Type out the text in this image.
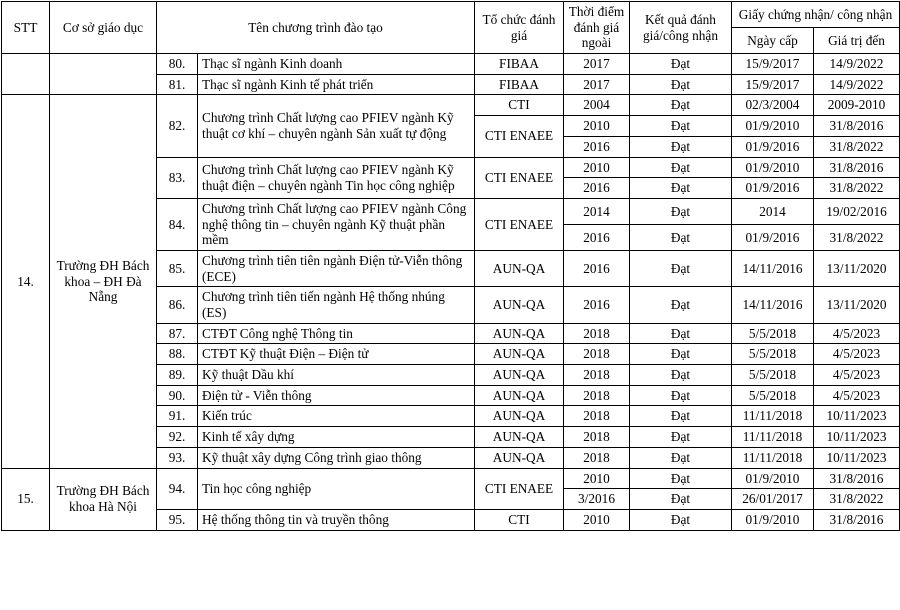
STT	Cơ sở giáo dục	Tên chương trình đào tạo		Tổ chức đánh giá	Thời điểm đánh giá ngoài	Kết quả đánh giá/công nhận	Giấy chứng nhận/ công nhận	
							Ngày cấp	Giá trị đến
		80.	Thạc sĩ ngành Kinh doanh	FIBAA	2017	Đạt	15/9/2017	14/9/2022
		81.	Thạc sĩ ngành Kinh tế phát triển	FIBAA	2017	Đạt	15/9/2017	14/9/2022
14.	Trường ĐH Bách khoa – ĐH Đà Nẵng	82.	Chương trình Chất lượng cao PFIEV ngành Kỹ thuật cơ khí – chuyên ngành Sản xuất tự động	CTI	2004	Đạt	02/3/2004	2009-2010
				CTI ENAEE	2010	Đạt	01/9/2010	31/8/2016
					2016	Đạt	01/9/2016	31/8/2022
		83.	Chương trình Chất lượng cao PFIEV ngành Kỹ thuật điện – chuyên ngành Tin học công nghiệp	CTI ENAEE	2010	Đạt	01/9/2010	31/8/2016
					2016	Đạt	01/9/2016	31/8/2022
		84.	Chương trình Chất lượng cao PFIEV ngành Công nghệ thông tin – chuyên ngành Kỹ thuật phần mềm	CTI ENAEE	2014	Đạt	2014	19/02/2016
					2016	Đạt	01/9/2016	31/8/2022
		85.	Chương trình tiên tiên ngành Điện tử-Viễn thông (ECE)	AUN-QA	2016	Đạt	14/11/2016	13/11/2020
		86.	Chương trình tiên tiến ngành Hệ thống nhúng (ES)	AUN-QA	2016	Đạt	14/11/2016	13/11/2020
		87.	CTĐT Công nghệ Thông tin	AUN-QA	2018	Đạt	5/5/2018	4/5/2023
		88.	CTĐT Kỹ thuật Điện – Điện tử	AUN-QA	2018	Đạt	5/5/2018	4/5/2023
		89.	Kỹ thuật Dầu khí	AUN-QA	2018	Đạt	5/5/2018	4/5/2023
		90.	Điện tử - Viễn thông	AUN-QA	2018	Đạt	5/5/2018	4/5/2023
		91.	Kiến trúc	AUN-QA	2018	Đạt	11/11/2018	10/11/2023
		92.	Kinh tế xây dựng	AUN-QA	2018	Đạt	11/11/2018	10/11/2023
		93.	Kỹ thuật xây dựng Công trình giao thông	AUN-QA	2018	Đạt	11/11/2018	10/11/2023
15.	Trường ĐH Bách khoa Hà Nội	94.	Tin học công nghiệp	CTI ENAEE	2010	Đạt	01/9/2010	31/8/2016
					3/2016	Đạt	26/01/2017	31/8/2022
		95.	Hệ thống thông tin và truyền thông	CTI	2010	Đạt	01/9/2010	31/8/2016
